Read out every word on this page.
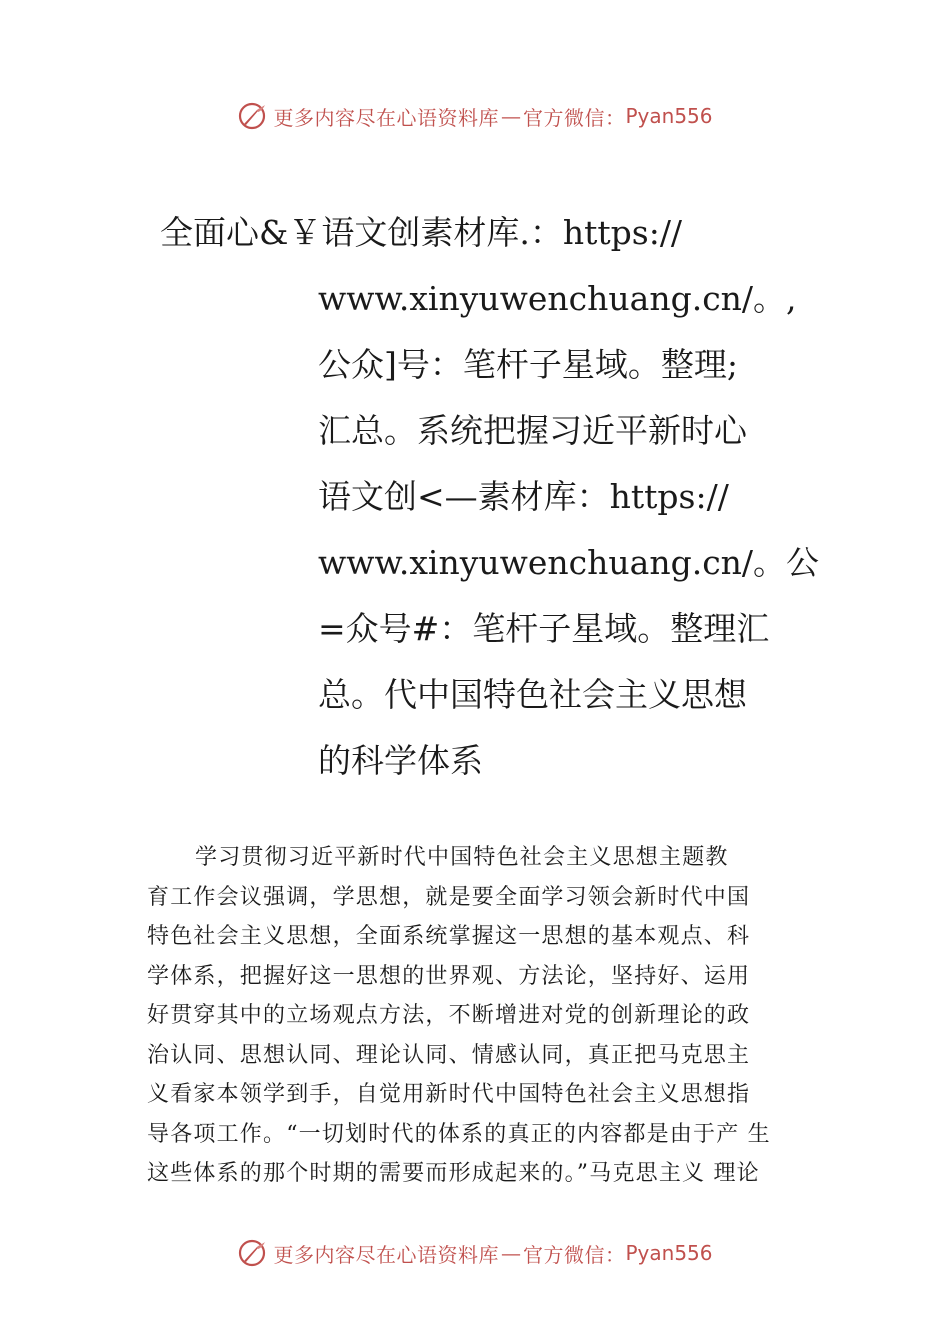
更多内容尽在心语资料库 — 官方微信： Pyan556
全面心&￥语文创素材库.：https://
www.xinyuwenchuang.cn/。,
公众]号：笔杆子星域。整理;
汇总。系统把握习近平新时心
语文创<—素材库：https://
www.xinyuwenchuang.cn/。公
=众号#：笔杆子星域。整理汇
总。代中国特色社会主义思想
的科学体系
学习贯彻习近平新时代中国特色社会主义思想主题教
育工作会议强调，学思想，就是要全面学习领会新时代中国
特色社会主义思想，全面系统掌握这一思想的基本观点、科
学体系，把握好这一思想的世界观、方法论，坚持好、运用
好贯穿其中的立场观点方法，不断增进对党的创新理论的政
治认同、思想认同、理论认同、情感认同，真正把马克思主
义看家本领学到手，自觉用新时代中国特色社会主义思想指
导各项工作。“一切划时代的体系的真正的内容都是由于产 生
这些体系的那个时期的需要而形成起来的。”马克思主义 理论
更多内容尽在心语资料库 — 官方微信： Pyan556
